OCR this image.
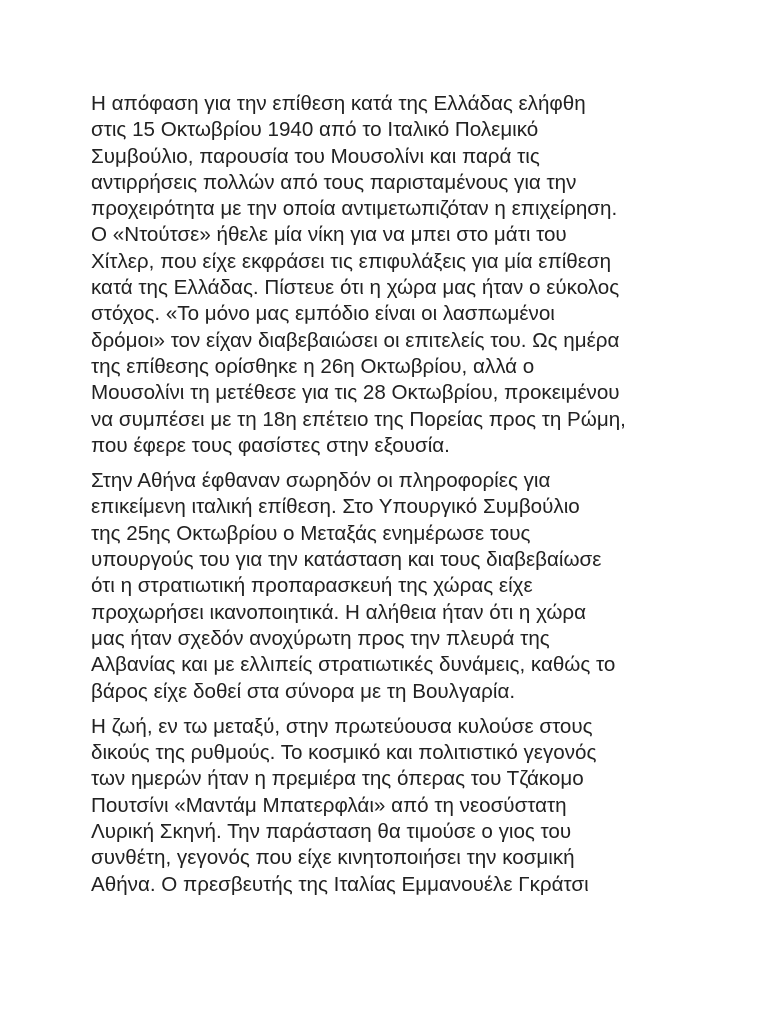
Η απόφαση για την επίθεση κατά της Ελλάδας ελήφθη
στις 15 Οκτωβρίου 1940 από το Ιταλικό Πολεμικό
Συμβούλιο, παρουσία του Μουσολίνι και παρά τις
αντιρρήσεις πολλών από τους παρισταμένους για την
προχειρότητα με την οποία αντιμετωπιζόταν η επιχείρηση.
Ο «Ντούτσε» ήθελε μία νίκη για να μπει στο μάτι του
Χίτλερ, που είχε εκφράσει τις επιφυλάξεις για μία επίθεση
κατά της Ελλάδας. Πίστευε ότι η χώρα μας ήταν ο εύκολος
στόχος. «Το μόνο μας εμπόδιο είναι οι λασπωμένοι
δρόμοι» τον είχαν διαβεβαιώσει οι επιτελείς του. Ως ημέρα
της επίθεσης ορίσθηκε η 26η Οκτωβρίου, αλλά ο
Μουσολίνι τη μετέθεσε για τις 28 Οκτωβρίου, προκειμένου
να συμπέσει με τη 18η επέτειο της Πορείας προς τη Ρώμη,
που έφερε τους φασίστες στην εξουσία.

Στην Αθήνα έφθαναν σωρηδόν οι πληροφορίες για
επικείμενη ιταλική επίθεση. Στο Υπουργικό Συμβούλιο
της 25ης Οκτωβρίου ο Μεταξάς ενημέρωσε τους
υπουργούς του για την κατάσταση και τους διαβεβαίωσε
ότι η στρατιωτική προπαρασκευή της χώρας είχε
προχωρήσει ικανοποιητικά. Η αλήθεια ήταν ότι η χώρα
μας ήταν σχεδόν ανοχύρωτη προς την πλευρά της
Αλβανίας και με ελλιπείς στρατιωτικές δυνάμεις, καθώς το
βάρος είχε δοθεί στα σύνορα με τη Βουλγαρία.

Η ζωή, εν τω μεταξύ, στην πρωτεύουσα κυλούσε στους
δικούς της ρυθμούς. Το κοσμικό και πολιτιστικό γεγονός
των ημερών ήταν η πρεμιέρα της όπερας του Τζάκομο
Πουτσίνι «Μαντάμ Μπατερφλάι» από τη νεοσύστατη
Λυρική Σκηνή. Την παράσταση θα τιμούσε ο γιος του
συνθέτη, γεγονός που είχε κινητοποιήσει την κοσμική
Αθήνα. Ο πρεσβευτής της Ιταλίας Εμμανουέλε Γκράτσι
